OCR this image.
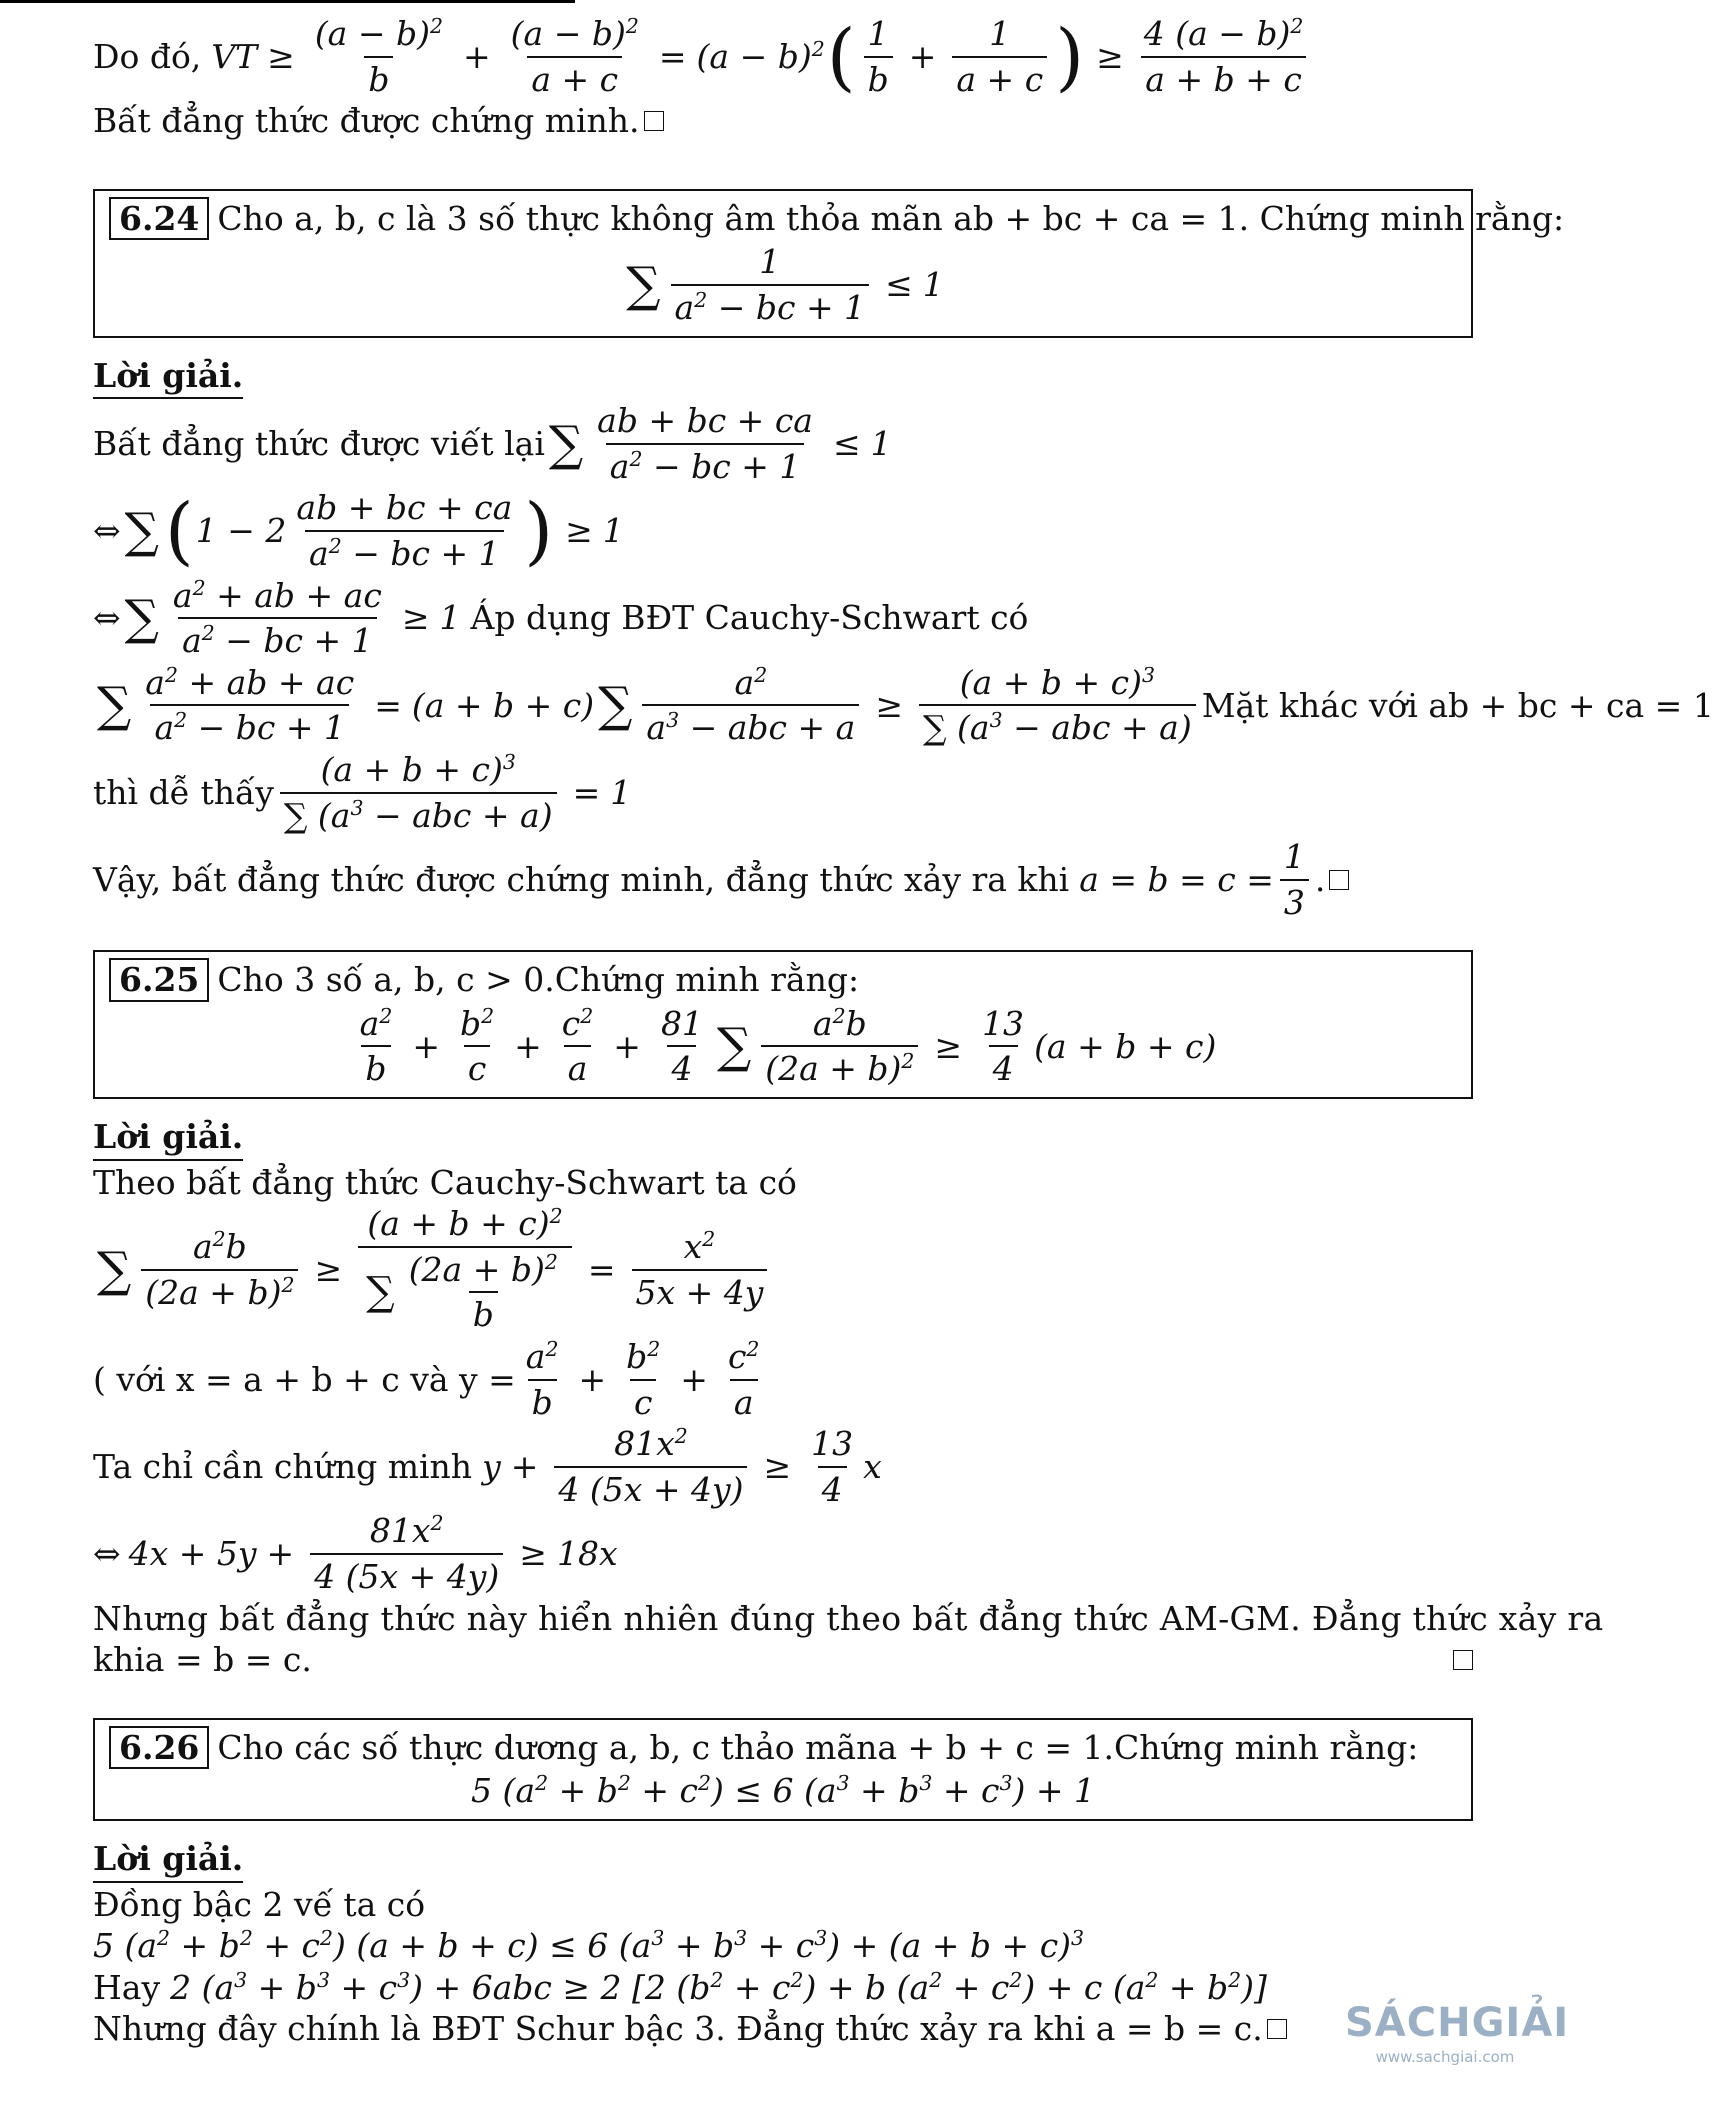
Do đó, VT ≥ $\frac{(a - b)^2}{b} + \frac{(a - b)^2}{a + c} = (a - b)^2$ ( $\frac{1}{b} + \frac{1}{a + c}$ ) ≥ $\frac{4 (a - b)^2}{a + b + c}$
Bất đẳng thức được chứng minh.
6.24 Cho a, b, c là 3 số thực không âm thỏa mãn ab + bc + ca = 1. Chứng minh rằng:
∑ $\frac{1}{a^2 - bc + 1} \le 1$
Lời giải.
Bất đẳng thức được viết lại ∑ $\frac{ab + bc + ca}{a^2 - bc + 1} \le 1$
⇔ ∑ ( $1 - 2 \frac{ab + bc + ca}{a^2 - bc + 1}$ ) ≥ 1
⇔ ∑ $\frac{a^2 + ab + ac}{a^2 - bc + 1} \ge 1$ Áp dụng BĐT Cauchy-Schwart có
∑ $\frac{a^2 + ab + ac}{a^2 - bc + 1} = (a + b + c)$ ∑ $\frac{a^2}{a^3 - abc + a} \ge \frac{(a + b + c)^3}{\sum (a^3 - abc + a)}$ Mặt khác với ab + bc + ca = 1
thì dễ thấy $\frac{(a + b + c)^3}{\sum (a^3 - abc + a)} = 1$
Vậy, bất đẳng thức được chứng minh, đẳng thức xảy ra khi $a = b = c = \frac{1}{3}$ .
6.25 Cho 3 số a, b, c > 0.Chứng minh rằng:
$\frac{a^2}{b} + \frac{b^2}{c} + \frac{c^2}{a} + \frac{81}{4}$ ∑ $\frac{a^2b}{(2a + b)^2} \ge \frac{13}{4} (a + b + c)$
Lời giải.
Theo bất đẳng thức Cauchy-Schwart ta có
∑ $\frac{a^2b}{(2a + b)^2} \ge \frac{(a + b + c)^2}{\sum \frac{(2a + b)^2}{b}} = \frac{x^2}{5x + 4y}$
( với x = a + b + c và $y = \frac{a^2}{b} + \frac{b^2}{c} + \frac{c^2}{a}$
Ta chỉ cần chứng minh $y + \frac{81x^2}{4 (5x + 4y)} \ge \frac{13}{4}$ x
⇔ $4x + 5y + \frac{81x^2}{4 (5x + 4y)} \ge 18x$
Nhưng bất đẳng thức này hiển nhiên đúng theo bất đẳng thức AM-GM. Đẳng thức xảy ra
khia = b = c.
6.26 Cho các số thực dương a, b, c thảo mãna + b + c = 1.Chứng minh rằng:
5 $(a^2 + b^2 + c^2) \le 6$ $(a^3 + b^3 + c^3) + 1$
Lời giải.
Đồng bậc 2 vế ta có
5 $(a^2 + b^2 + c^2) (a + b + c) \le 6$ $(a^3 + b^3 + c^3) + (a + b + c)^3$
Hay 2 $(a^3 + b^3 + c^3) + 6abc \ge 2$ [2 $(b^2 + c^2) + b$ $(a^2 + c^2) + c$ $(a^2 + b^2)$]
Nhưng đây chính là BĐT Schur bậc 3. Đẳng thức xảy ra khi a = b = c. SÁCHGIẢI
www.sachgiai.com
